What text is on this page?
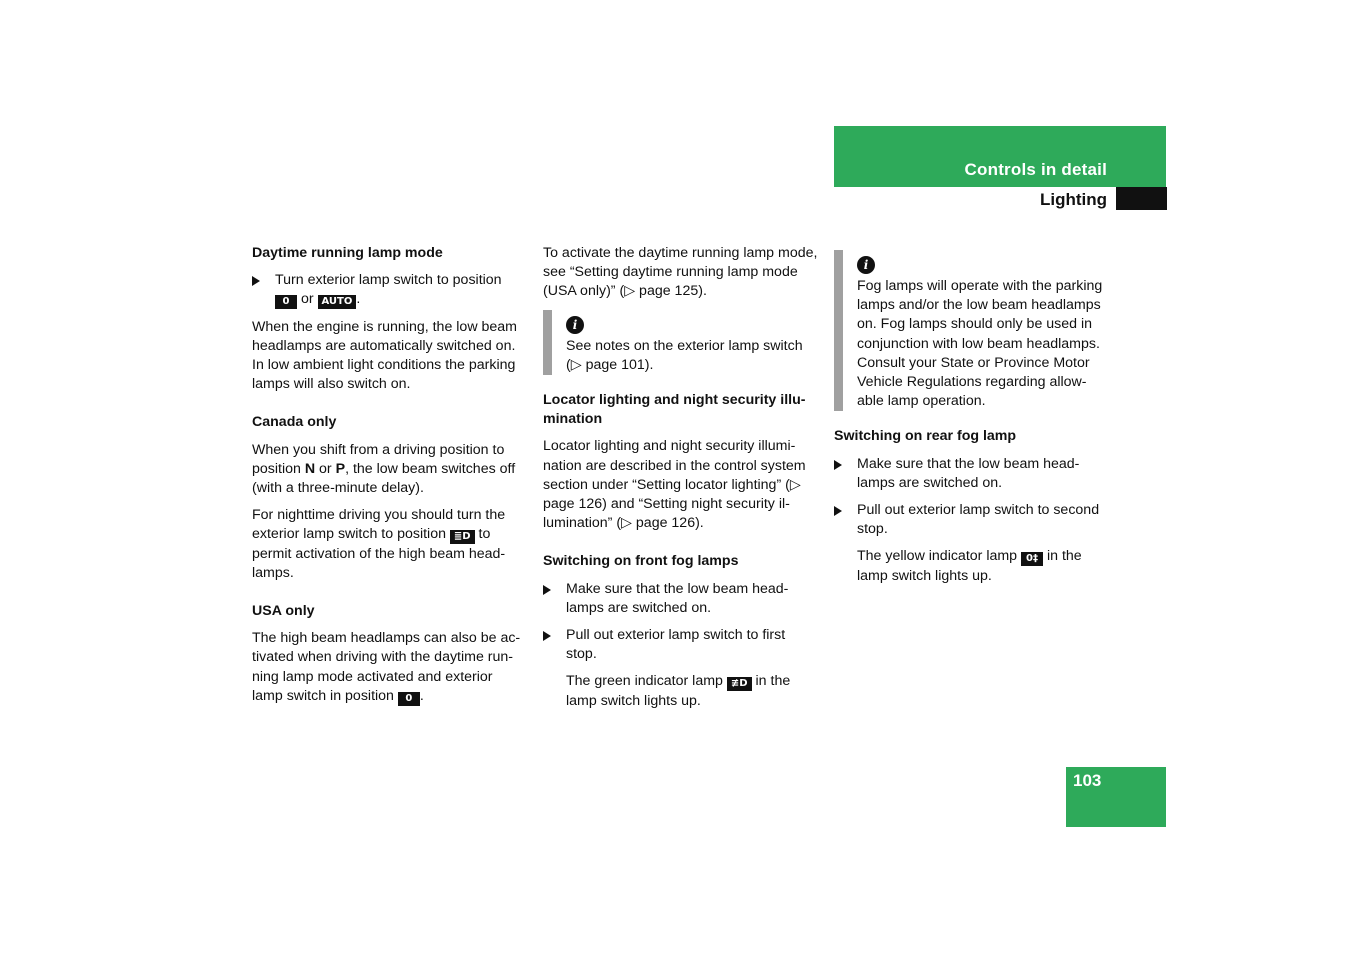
Controls in detail
Lighting
Daytime running lamp mode
Turn exterior lamp switch to position 0 or AUTO .

When the engine is running, the low beam headlamps are automatically switched on. In low ambient light conditions the parking lamps will also switch on.

Canada only

When you shift from a driving position to position N or P, the low beam switches off (with a three-minute delay).

For nighttime driving you should turn the exterior lamp switch to position ≣D to permit activation of the high beam head-lamps.

USA only

The high beam headlamps can also be ac-tivated when driving with the daytime run-ning lamp mode activated and exterior lamp switch in position 0 .

To activate the daytime running lamp mode, see “Setting daytime running lamp mode (USA only)” (▷ page 125).

i

See notes on the exterior lamp switch (▷ page 101).

Locator lighting and night security illu-mination

Locator lighting and night security illumi-nation are described in the control system section under “Setting locator lighting” (▷ page 126) and “Setting night security il-lumination” (▷ page 126).

Switching on front fog lamps
Make sure that the low beam head-lamps are switched on.
Pull out exterior lamp switch to first stop.

The green indicator lamp ≢D in the lamp switch lights up.

i

Fog lamps will operate with the parking lamps and/or the low beam headlamps on. Fog lamps should only be used in conjunction with low beam headlamps. Consult your State or Province Motor Vehicle Regulations regarding allow-able lamp operation.

Switching on rear fog lamp
Make sure that the low beam head-lamps are switched on.
Pull out exterior lamp switch to second stop.

The yellow indicator lamp 0‡ in the lamp switch lights up.

103
